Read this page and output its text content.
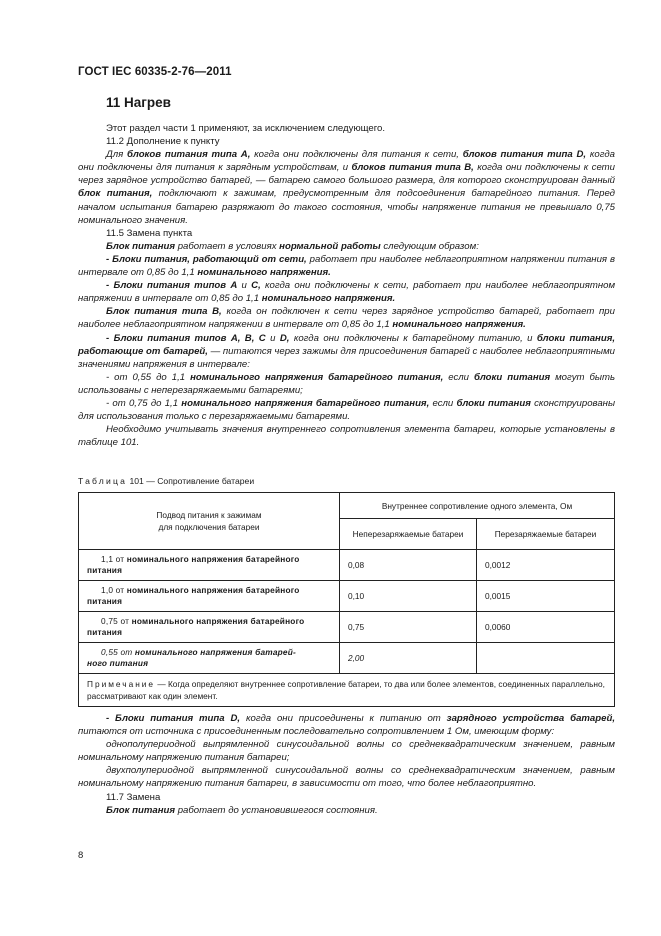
ГОСТ IEC 60335-2-76—2011
11 Нагрев

Этот раздел части 1 применяют, за исключением следующего.

11.2 Дополнение к пункту

Для блоков питания типа А, когда они подключены для питания к сети, блоков питания типа D, когда они подключены для питания к зарядным устройствам, и блоков питания типа В, когда они подключены к сети через зарядное устройство батарей, — батарею самого большого размера, для которого сконструирован данный блок питания, подключают к зажимам, предусмотренным для подсоединения батарейного питания. Перед началом испытания батарею разряжают до такого состояния, чтобы напряжение питания не превышало 0,75 номинального значения.

11.5 Замена пункта

Блок питания работает в условиях нормальной работы следующим образом:

- Блоки питания, работающий от сети, работает при наиболее неблагоприятном напряжении питания в интервале от 0,85 до 1,1 номинального напряжения.

- Блоки питания типов А и С, когда они подключены к сети, работает при наиболее неблагоприятном напряжении в интервале от 0,85 до 1,1 номинального напряжения.

Блок питания типа В, когда он подключен к сети через зарядное устройство батарей, работает при наиболее неблагоприятном напряжении в интервале от 0,85 до 1,1 номинального напряжения.

- Блоки питания типов А, В, С и D, когда они подключены к батарейному питанию, и блоки питания, работающие от батарей, — питаются через зажимы для присоединения батарей с наиболее неблагоприятными значениями напряжения в интервале:

- от 0,55 до 1,1 номинального напряжения батарейного питания, если блоки питания могут быть использованы с неперезаряжаемыми батареями;

- от 0,75 до 1,1 номинального напряжения батарейного питания, если блоки питания сконструированы для использования только с перезаряжаемыми батареями.

Необходимо учитывать значения внутреннего сопротивления элемента батареи, которые установлены в таблице 101.

Таблица 101 — Сопротивление батареи
Подвод питания к зажимам
для подключения батареи	Внутреннее сопротивление одного элемента, Ом	
	Неперезаряжаемые батареи	Перезаряжаемые батареи
1,1 от номинального напряжения батарейного
питания	0,08	0,0012
1,0 от номинального напряжения батарейного
питания	0,10	0,0015
0,75 от номинального напряжения батарейного
питания	0,75	0,0060
0,55 от номинального напряжения батарей-
ного питания	2,00	
Примечание — Когда определяют внутреннее сопротивление батареи, то два или более элементов, соединенных параллельно, рассматривают как один элемент.		

- Блоки питания типа D, когда они присоединены к питанию от зарядного устройства батарей, питаются от источника с присоединенным последовательно сопротивлением 1 Ом, имеющим форму:

однополупериодной выпрямленной синусоидальной волны со среднеквадратическим значением, равным номинальному напряжению питания батареи;

двухполупериодной выпрямленной синусоидальной волны со среднеквадратическим значением, равным номинальному напряжению питания батареи, в зависимости от того, что более неблагоприятно.

11.7 Замена

Блок питания работает до установившегося состояния.

8
